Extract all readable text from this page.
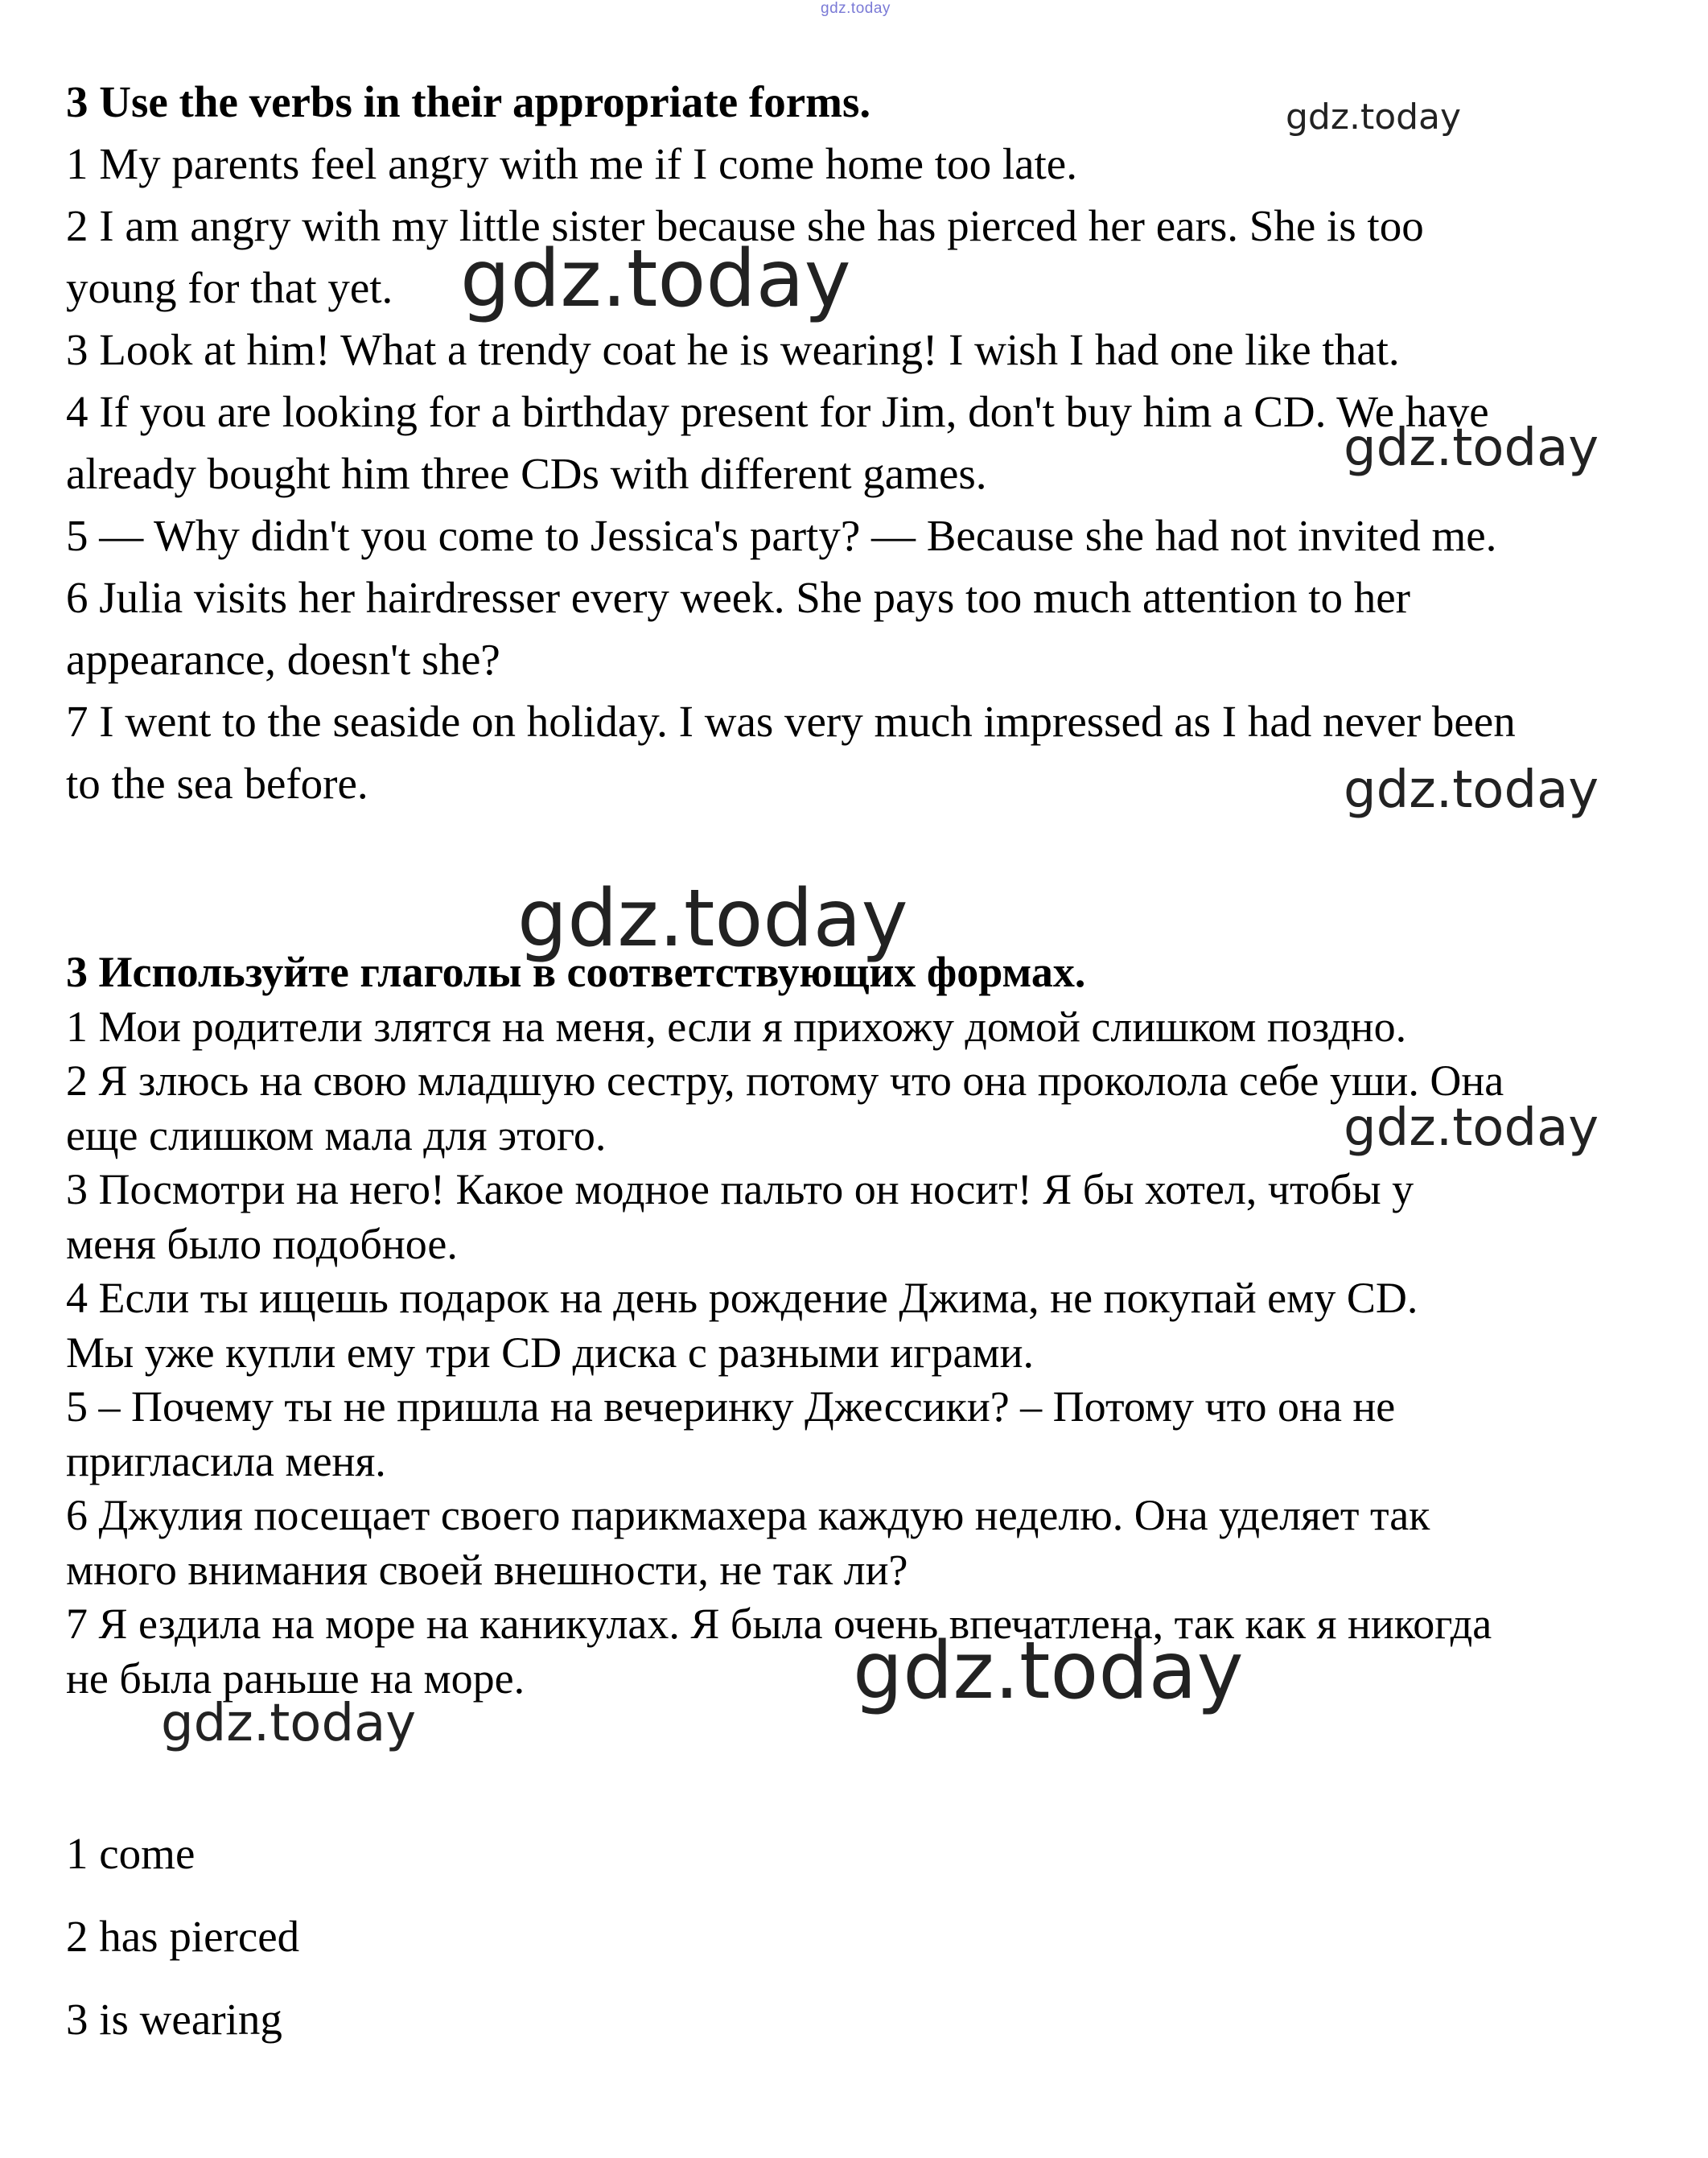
gdz.today

3 Use the verbs in their appropriate forms.

1 My parents feel angry with me if I come home too late.

2 I am angry with my little sister because she has pierced her ears. She is too

young for that yet.

3 Look at him! What a trendy coat he is wearing! I wish I had one like that.

4 If you are looking for a birthday present for Jim, don't buy him a CD. We have

already bought him three CDs with different games.

5 — Why didn't you come to Jessica's party? — Because she had not invited me.

6 Julia visits her hairdresser every week. She pays too much attention to her

appearance, doesn't she?

7 I went to the seaside on holiday. I was very much impressed as I had never been

to the sea before.

3 Используйте глаголы в соответствующих формах.

1 Мои родители злятся на меня, если я прихожу домой слишком поздно.

2 Я злюсь на свою младшую сестру, потому что она проколола себе уши. Она

еще слишком мала для этого.

3 Посмотри на него! Какое модное пальто он носит! Я бы хотел, чтобы у

меня было подобное.

4 Если ты ищешь подарок на день рождение Джима, не покупай ему CD.

Мы уже купли ему три CD диска с разными играми.

5 – Почему ты не пришла на вечеринку Джессики? – Потому что она не

пригласила меня.

6 Джулия посещает своего парикмахера каждую неделю. Она уделяет так

много внимания своей внешности, не так ли?

7 Я ездила на море на каникулах. Я была очень впечатлена, так как я никогда

не была раньше на море.

1 come

2 has pierced

3 is wearing

gdz.today
gdz.today
gdz.today
gdz.today
gdz.today
gdz.today
gdz.today
gdz.today
